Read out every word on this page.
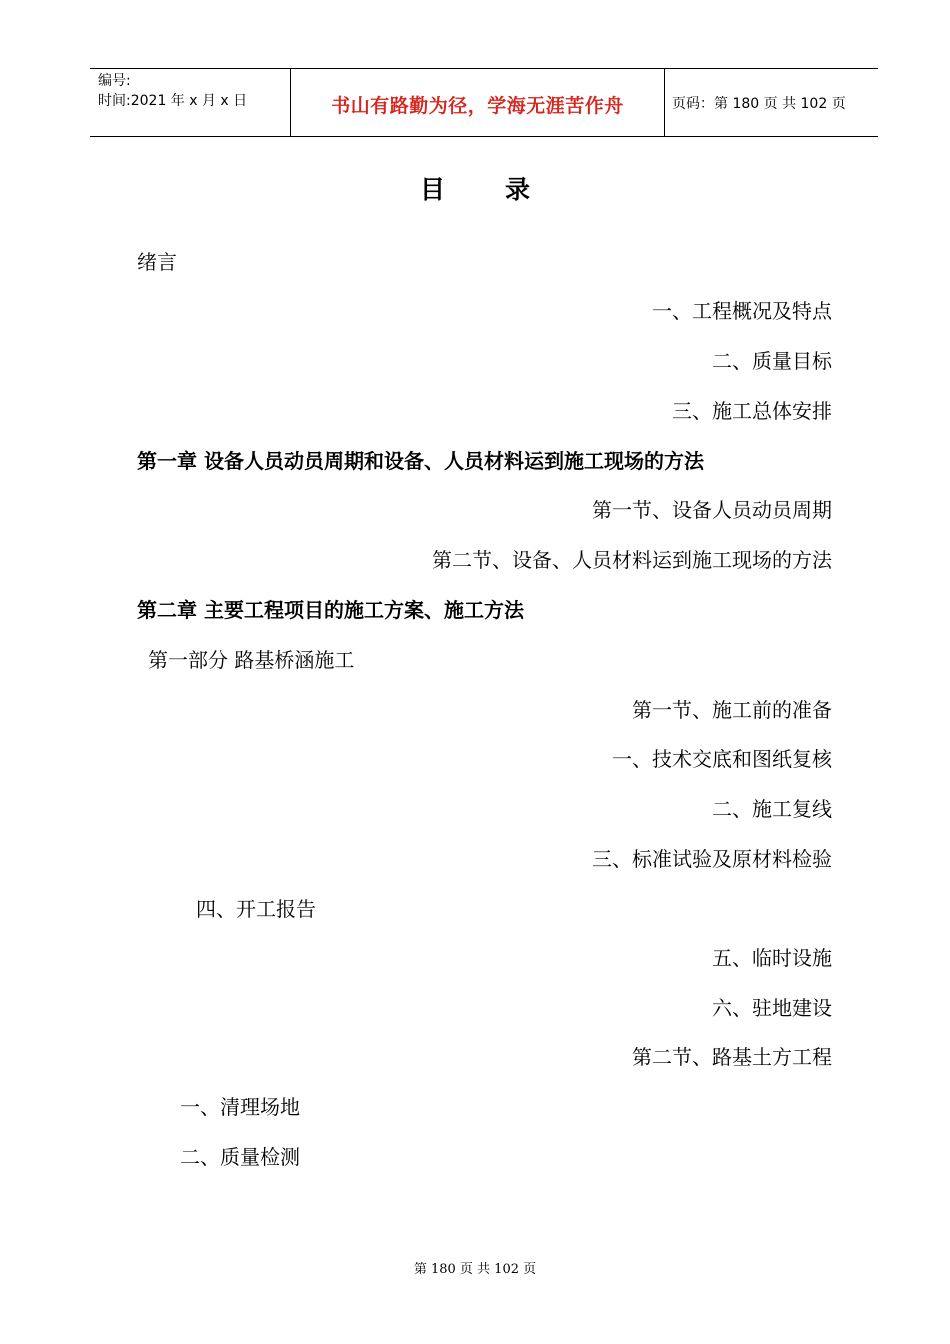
编号:
时间:2021 年 x 月 x 日	书山有路勤为径，学海无涯苦作舟	页码：第 180 页 共 102 页
目录
绪言
一、工程概况及特点
二、质量目标
三、施工总体安排
第一章 设备人员动员周期和设备、人员材料运到施工现场的方法
第一节、设备人员动员周期
第二节、设备、人员材料运到施工现场的方法
第二章 主要工程项目的施工方案、施工方法
第一部分 路基桥涵施工
第一节、施工前的准备
一、技术交底和图纸复核
二、施工复线
三、标准试验及原材料检验
四、开工报告
五、临时设施
六、驻地建设
第二节、路基土方工程
一、清理场地
二、质量检测
第 180 页 共 102 页
